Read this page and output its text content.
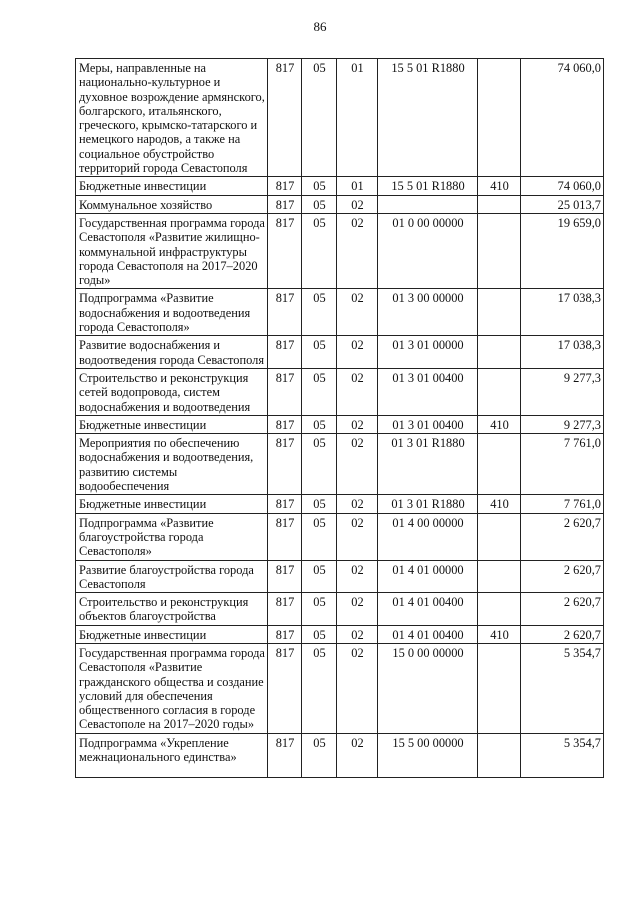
86
Меры, направленные на национально-культурное и духовное возрождение армянского, болгарского, итальянского, греческого, крымско-татарского и немецкого народов, а также на социальное обустройство территорий города Севастополя	817	05	01	15 5 01 R1880		74 060,0
Бюджетные инвестиции	817	05	01	15 5 01 R1880	410	74 060,0
Коммунальное хозяйство	817	05	02			25 013,7
Государственная программа города Севастополя «Развитие жилищно-коммунальной инфраструктуры города Севастополя на 2017–2020 годы»	817	05	02	01 0 00 00000		19 659,0
Подпрограмма «Развитие водоснабжения и водоотведения города Севастополя»	817	05	02	01 3 00 00000		17 038,3
Развитие водоснабжения и водоотведения города Севастополя	817	05	02	01 3 01 00000		17 038,3
Строительство и реконструкция сетей водопровода, систем водоснабжения и водоотведения	817	05	02	01 3 01 00400		9 277,3
Бюджетные инвестиции	817	05	02	01 3 01 00400	410	9 277,3
Мероприятия по обеспечению водоснабжения и водоотведения, развитию системы водообеспечения	817	05	02	01 3 01 R1880		7 761,0
Бюджетные инвестиции	817	05	02	01 3 01 R1880	410	7 761,0
Подпрограмма «Развитие благоустройства города Севастополя»	817	05	02	01 4 00 00000		2 620,7
Развитие благоустройства города Севастополя	817	05	02	01 4 01 00000		2 620,7
Строительство и реконструкция объектов благоустройства	817	05	02	01 4 01 00400		2 620,7
Бюджетные инвестиции	817	05	02	01 4 01 00400	410	2 620,7
Государственная программа города Севастополя «Развитие гражданского общества и создание условий для обеспечения общественного согласия в городе Севастополе на 2017–2020 годы»	817	05	02	15 0 00 00000		5 354,7
Подпрограмма «Укрепление межнационального единства»	817	05	02	15 5 00 00000		5 354,7
